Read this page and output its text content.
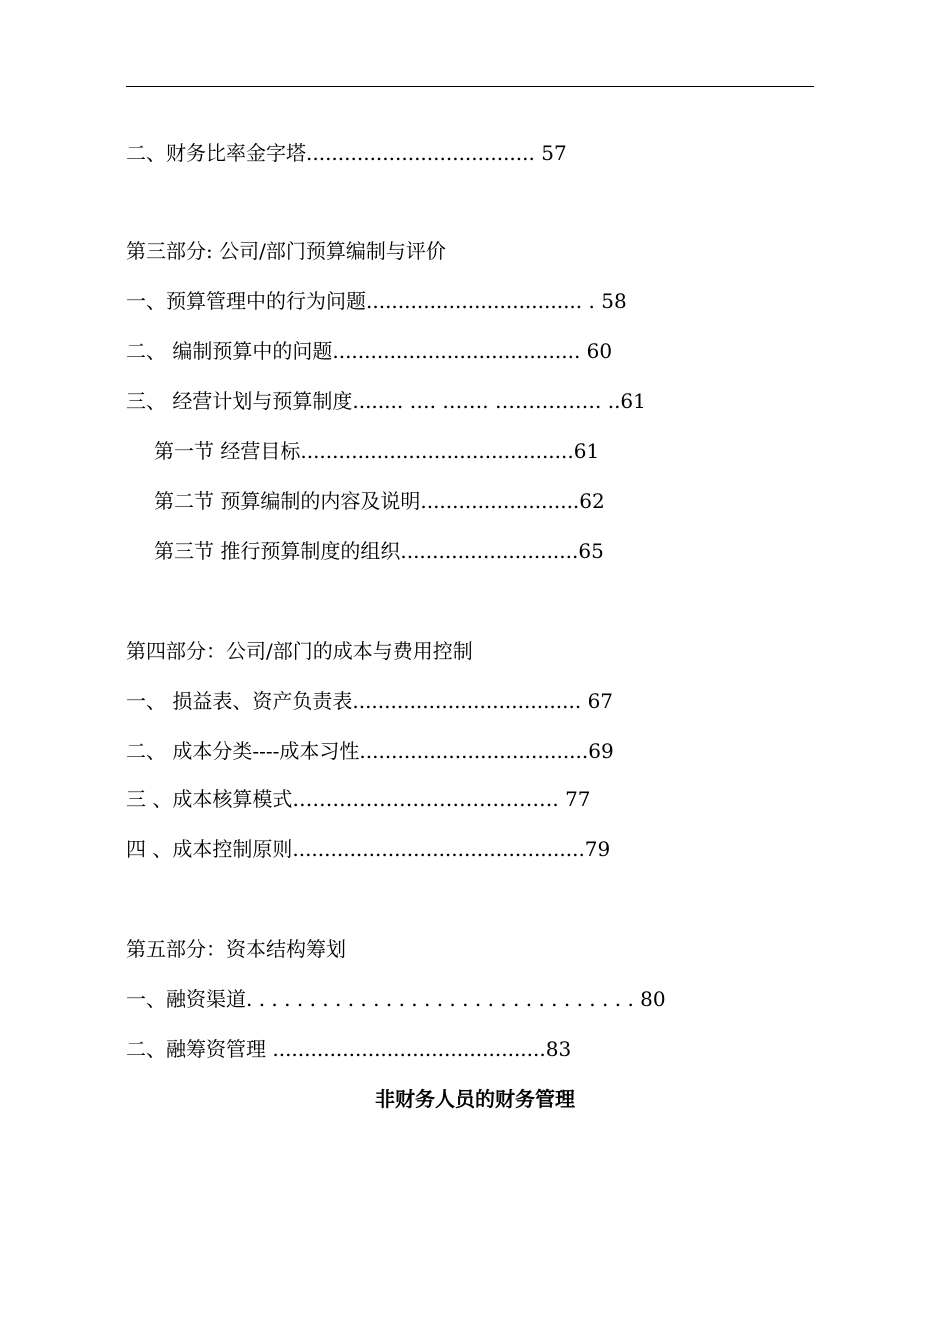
二、财务比率金字塔.................................... 57
第三部分: 公司/部门预算编制与评价
一、预算管理中的行为问题.................................. . 58
二、 编制预算中的问题....................................... 60
三、 经营计划与预算制度........ …. ……. ……………. ..61
第一节 经营目标...........................................61
第二节 预算编制的内容及说明.........................62
第三节 推行预算制度的组织............................65
第四部分：公司/部门的成本与费用控制
一、 损益表、资产负责表.................................... 67
二、 成本分类----成本习性....................................69
三 、成本核算模式…………………………………. 77
四 、成本控制原则..............................................79
第五部分：资本结构筹划
一、融资渠道. . . . . . . . . . . . . . . . . . . . . . . . . . . . . . . 80
二、融筹资管理 ...........................................83
非财务人员的财务管理
